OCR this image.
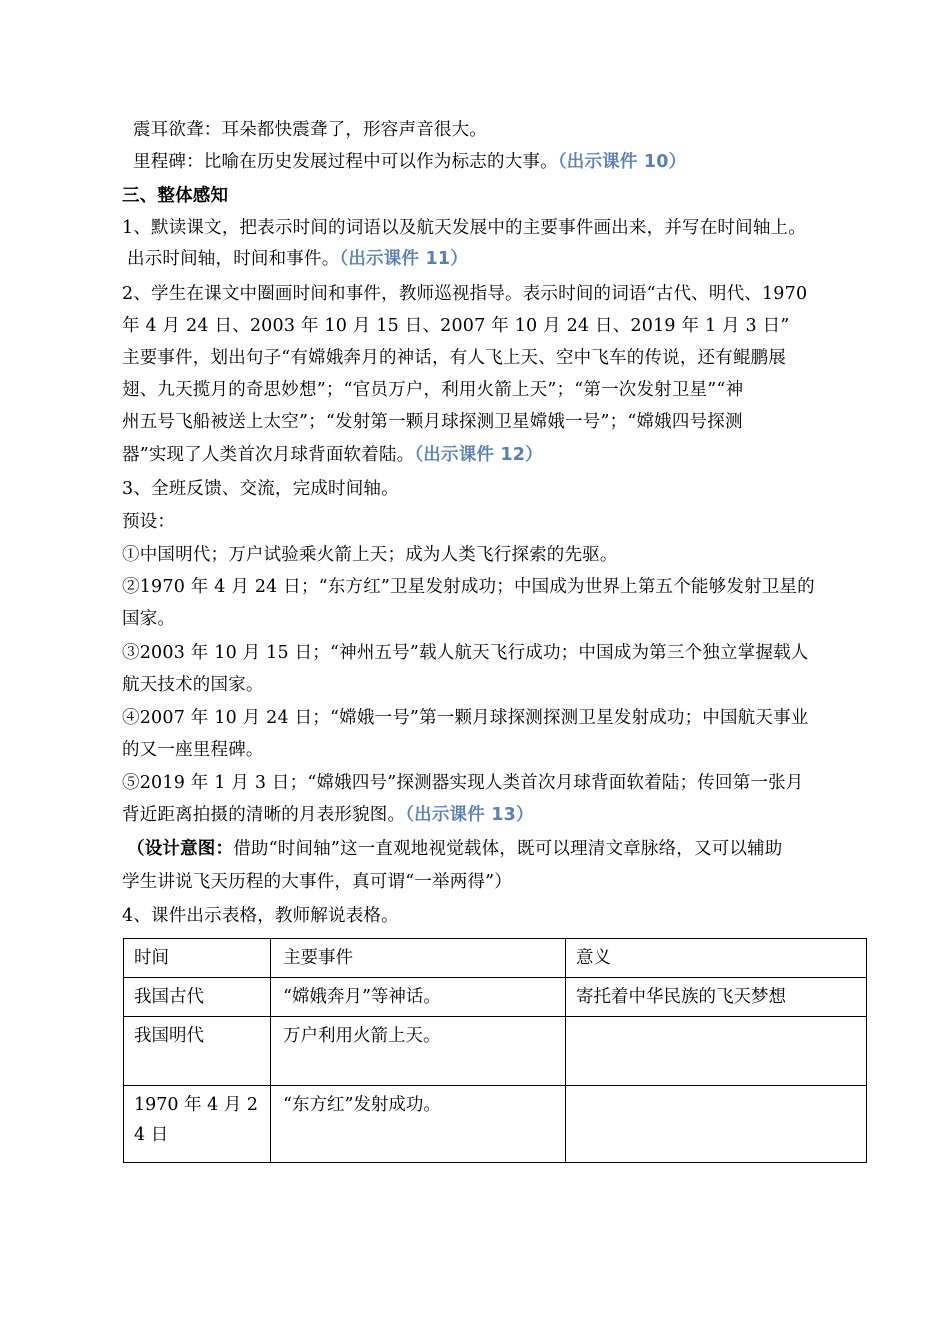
震耳欲聋：耳朵都快震聋了，形容声音很大。
里程碑：比喻在历史发展过程中可以作为标志的大事。（出示课件 10）
三、整体感知
1、默读课文，把表示时间的词语以及航天发展中的主要事件画出来，并写在时间轴上。
出示时间轴，时间和事件。（出示课件 11）
2、学生在课文中圈画时间和事件，教师巡视指导。表示时间的词语“古代、明代、1970
年 4 月 24 日、2003 年 10 月 15 日、2007 年 10 月 24 日、2019 年 1 月 3 日”
主要事件，划出句子“有嫦娥奔月的神话，有人飞上天、空中飞车的传说，还有鲲鹏展
翅、九天揽月的奇思妙想”；“官员万户，利用火箭上天”；“第一次发射卫星”“神
州五号飞船被送上太空”；“发射第一颗月球探测卫星嫦娥一号”；“嫦娥四号探测
器”实现了人类首次月球背面软着陆。（出示课件 12）
3、全班反馈、交流，完成时间轴。
预设：
①中国明代；万户试验乘火箭上天；成为人类飞行探索的先驱。
②1970 年 4 月 24 日；“东方红”卫星发射成功；中国成为世界上第五个能够发射卫星的
国家。
③2003 年 10 月 15 日；“神州五号”载人航天飞行成功；中国成为第三个独立掌握载人
航天技术的国家。
④2007 年 10 月 24 日；“嫦娥一号”第一颗月球探测探测卫星发射成功；中国航天事业
的又一座里程碑。
⑤2019 年 1 月 3 日；“嫦娥四号”探测器实现人类首次月球背面软着陆；传回第一张月
背近距离拍摄的清晰的月表形貌图。（出示课件 13）
（设计意图：借助“时间轴”这一直观地视觉载体，既可以理清文章脉络，又可以辅助
学生讲说飞天历程的大事件，真可谓“一举两得”）
4、课件出示表格，教师解说表格。
时间	主要事件	意义
我国古代	“嫦娥奔月”等神话。	寄托着中华民族的飞天梦想
我国明代	万户利用火箭上天。	
1970 年 4 月 24 日	“东方红”发射成功。	
